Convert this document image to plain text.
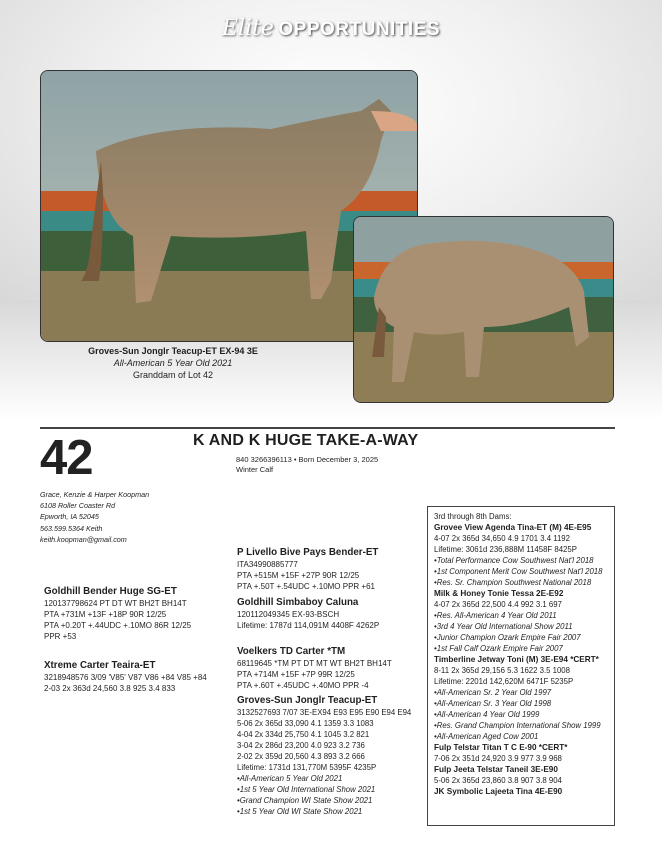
Elite OPPORTUNITIES
Groves-Sun Jonglr Teacup-ET EX-94 3E
All-American 5 Year Old 2021
Granddam of Lot 42
42	K AND K HUGE TAKE-A-WAY
840 3266396113 • Born December 3, 2025
Winter Calf
Grace, Kenzie & Harper Koopman
6108 Roller Coaster Rd
Epworth, IA 52045
563.599.5364 Keith
keith.koopman@gmail.com
Goldhill Bender Huge SG-ET
120137798624 PT DT WT BH2T BH14T
PTA +731M +13F +18P 90R 12/25
PTA +0.20T +.44UDC +.10MO 86R 12/25
PPR +53
Xtreme Carter Teaira-ET
3218948576 3/09 'V85' V87 V86 +84 V85 +84
2-03 2x 363d 24,560 3.8 925 3.4 833
P Livello Bive Pays Bender-ET
ITA34990885777
PTA +515M +15F +27P 90R 12/25
PTA +.50T +.54UDC +.10MO PPR +61
Goldhill Simbaboy Caluna
120112049345 EX-93-BSCH
Lifetime: 1787d 114,091M 4408F 4262P
Voelkers TD Carter *TM
68119645 *TM PT DT MT WT BH2T BH14T
PTA +714M +15F +7P 99R 12/25
PTA +.60T +.45UDC +.40MO PPR -4
Groves-Sun Jonglr Teacup-ET
3132527693 7/07 3E-EX94 E93 E95 E90 E94 E94
5-06 2x 365d 33,090 4.1 1359 3.3 1083
4-04 2x 334d 25,750 4.1 1045 3.2 821
3-04 2x 286d 23,200 4.0 923 3.2 736
2-02 2x 359d 20,560 4.3 893 3.2 666
Lifetime: 1731d 131,770M 5395F 4235P
•All-American 5 Year Old 2021
•1st 5 Year Old International Show 2021
•Grand Champion WI State Show 2021
•1st 5 Year Old WI State Show 2021
3rd through 8th Dams:
Grovee View Agenda Tina-ET (M) 4E-E95
4-07 2x 365d 34,650 4.9 1701 3.4 1192
Lifetime: 3061d 236,888M 11458F 8425P
•Total Performance Cow Southwest Nat'l 2018
•1st Component Merit Cow Southwest Nat'l 2018
•Res. Sr. Champion Southwest National 2018
Milk & Honey Tonie Tessa 2E-E92
4-07 2x 365d 22,500 4.4 992 3.1 697
•Res. All-American 4 Year Old 2011
•3rd 4 Year Old International Show 2011
•Junior Champion Ozark Empire Fair 2007
•1st Fall Calf Ozark Empire Fair 2007
Timberline Jetway Toni (M) 3E-E94 *CERT*
8-11 2x 365d 29,156 5.3 1622 3.5 1008
Lifetime: 2201d 142,620M 6471F 5235P
•All-American Sr. 2 Year Old 1997
•All-American Sr. 3 Year Old 1998
•All-American 4 Year Old 1999
•Res. Grand Champion International Show 1999
•All-American Aged Cow 2001
Fulp Telstar Titan T C E-90 *CERT*
7-06 2x 351d 24,920 3.9 977 3.9 968
Fulp Jeeta Telstar Taneil 3E-E90
5-06 2x 365d 23,860 3.8 907 3.8 904
JK Symbolic Lajeeta Tina 4E-E90
